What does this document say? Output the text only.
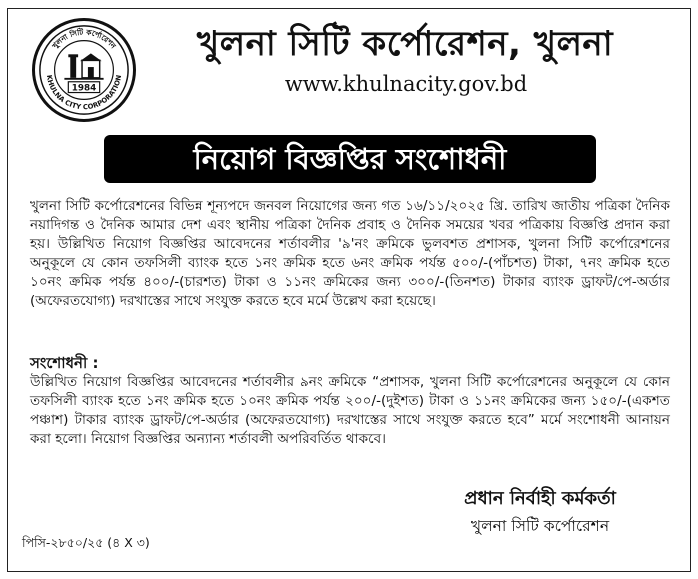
খুলনা সিটি কর্পোরেশন
KHULNA CITY CORPORATION
1984
খুলনা সিটি কর্পোরেশন, খুলনা
www.khulnacity.gov.bd
নিয়োগ বিজ্ঞপ্তির সংশোধনী
খুলনা সিটি কর্পোরেশনের বিভিন্ন শূন্যপদে জনবল নিয়োগের জন্য গত ১৬/১১/২০২৫ খ্রি. তারিখ জাতীয় পত্রিকা দৈনিক নয়াদিগন্ত ও দৈনিক আমার দেশ এবং স্থানীয় পত্রিকা দৈনিক প্রবাহ ও দৈনিক সময়ের খবর পত্রিকায় বিজ্ঞপ্তি প্রদান করা হয়। উল্লিখিত নিয়োগ বিজ্ঞপ্তির আবেদনের শর্তাবলীর '৯'নং ক্রমিকে ভুলবশত প্রশাসক, খুলনা সিটি কর্পোরেশনের অনুকূলে যে কোন তফসিলী ব্যাংক হতে ১নং ক্রমিক হতে ৬নং ক্রমিক পর্যন্ত ৫০০/-(পাঁচশত) টাকা, ৭নং ক্রমিক হতে ১০নং ক্রমিক পর্যন্ত ৪০০/-(চারশত) টাকা ও ১১নং ক্রমিকের জন্য ৩০০/-(তিনশত) টাকার ব্যাংক ড্রাফট/পে-অর্ডার (অফেরতযোগ্য) দরখাস্তের সাথে সংযুক্ত করতে হবে মর্মে উল্লেখ করা হয়েছে।
সংশোধনী :
উল্লিখিত নিয়োগ বিজ্ঞপ্তির আবেদনের শর্তাবলীর ৯নং ক্রমিকে “প্রশাসক, খুলনা সিটি কর্পোরেশনের অনুকূলে যে কোন তফসিলী ব্যাংক হতে ১নং ক্রমিক হতে ১০নং ক্রমিক পর্যন্ত ২০০/-(দুইশত) টাকা ও ১১নং ক্রমিকের জন্য ১৫০/-(একশত পঞ্চাশ) টাকার ব্যাংক ড্রাফট/পে-অর্ডার (অফেরতযোগ্য) দরখাস্তের সাথে সংযুক্ত করতে হবে” মর্মে সংশোধনী আনায়ন করা হলো। নিয়োগ বিজ্ঞপ্তির অন্যান্য শর্তাবলী অপরিবর্তিত থাকবে।
প্রধান নির্বাহী কর্মকর্তা
খুলনা সিটি কর্পোরেশন
পিসি-২৮৫০/২৫ (৪ X ৩)
